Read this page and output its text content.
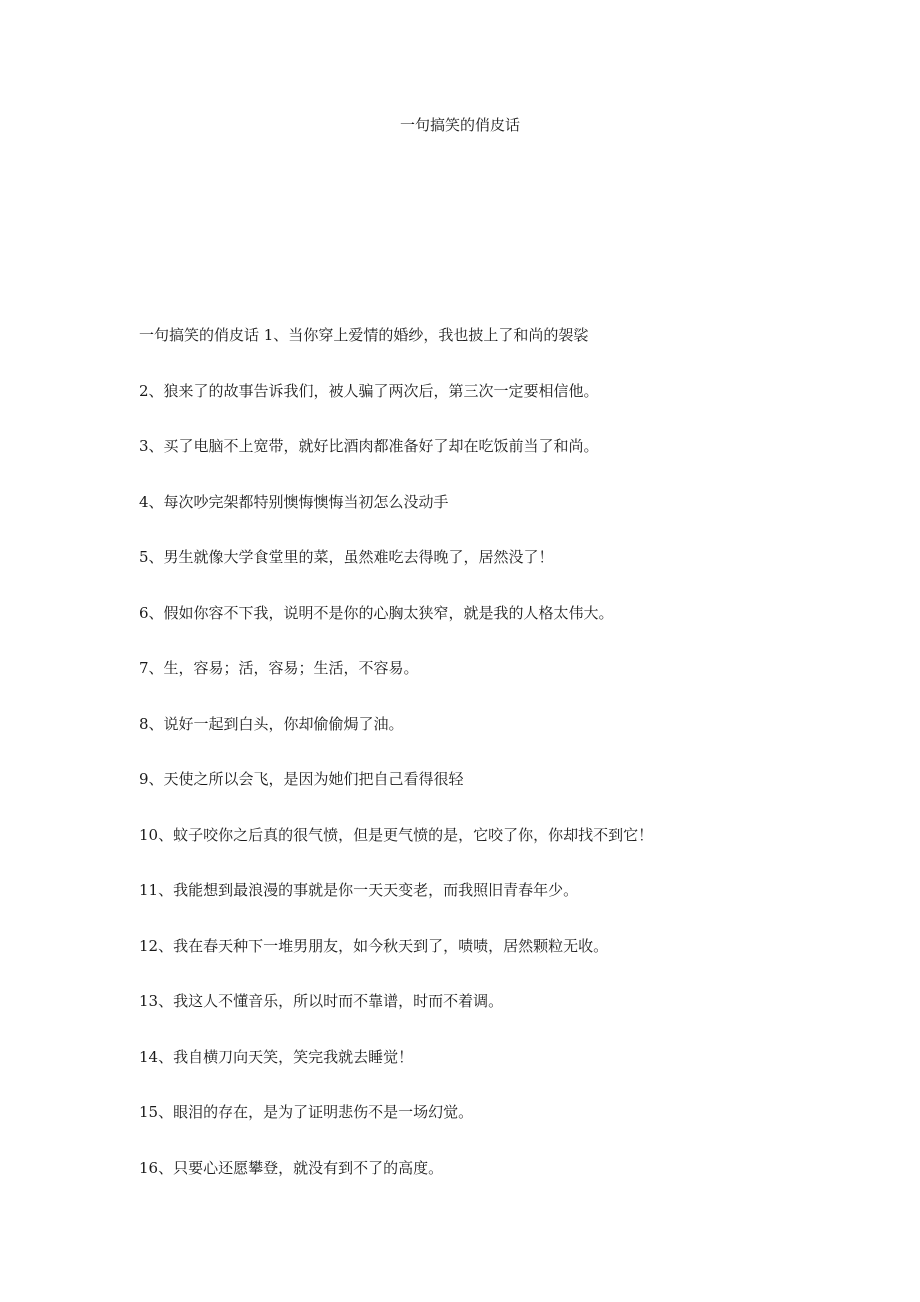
一句搞笑的俏皮话
一句搞笑的俏皮话 1、当你穿上爱情的婚纱，我也披上了和尚的袈裟
2、狼来了的故事告诉我们，被人骗了两次后，第三次一定要相信他。
3、买了电脑不上宽带，就好比酒肉都准备好了却在吃饭前当了和尚。
4、每次吵完架都特别懊悔懊悔当初怎么没动手
5、男生就像大学食堂里的菜，虽然难吃去得晚了，居然没了！
6、假如你容不下我，说明不是你的心胸太狭窄，就是我的人格太伟大。
7、生，容易；活，容易；生活，不容易。
8、说好一起到白头，你却偷偷焗了油。
9、天使之所以会飞，是因为她们把自己看得很轻
10、蚊子咬你之后真的很气愤，但是更气愤的是，它咬了你，你却找不到它！
11、我能想到最浪漫的事就是你一天天变老，而我照旧青春年少。
12、我在春天种下一堆男朋友，如今秋天到了，啧啧，居然颗粒无收。
13、我这人不懂音乐，所以时而不靠谱，时而不着调。
14、我自横刀向天笑，笑完我就去睡觉！
15、眼泪的存在，是为了证明悲伤不是一场幻觉。
16、只要心还愿攀登，就没有到不了的高度。
